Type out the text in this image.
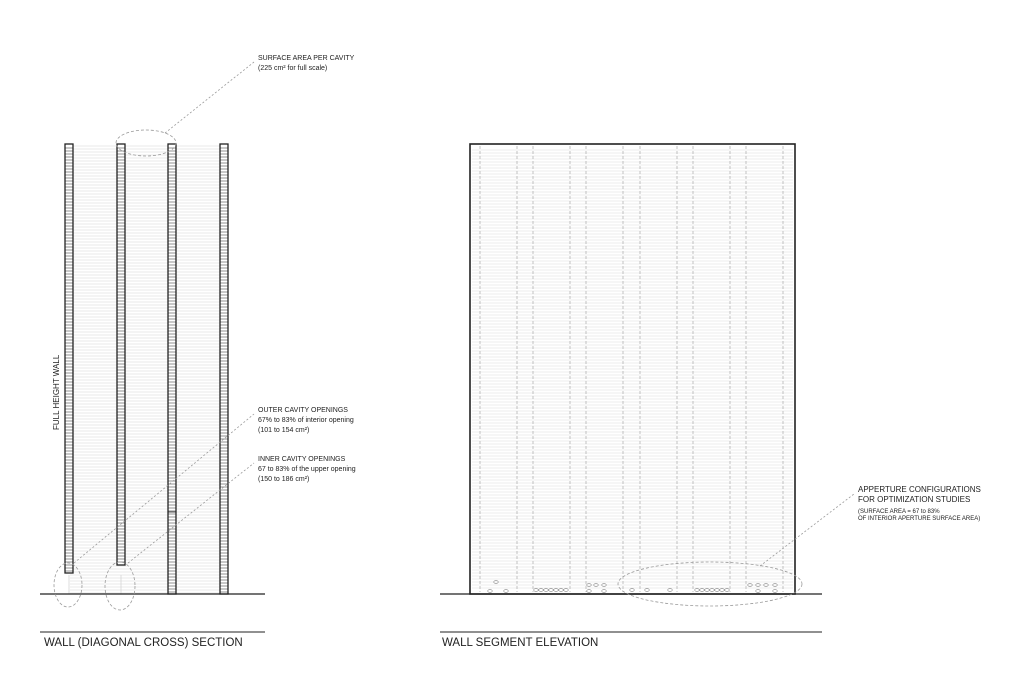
WALL (DIAGONAL CROSS) SECTION
FULL HEIGHT WALL
SURFACE AREA PER CAVITY
(225 cm² for full scale)
OUTER CAVITY OPENINGS
67% to 83% of interior opening
(101 to 154 cm²)
INNER CAVITY OPENINGS
67 to 83% of the upper opening
(150 to 186 cm²)
WALL SEGMENT ELEVATION
APPERTURE CONFIGURATIONS
FOR OPTIMIZATION STUDIES
(SURFACE AREA = 67 to 83%
OF INTERIOR APERTURE SURFACE AREA)
